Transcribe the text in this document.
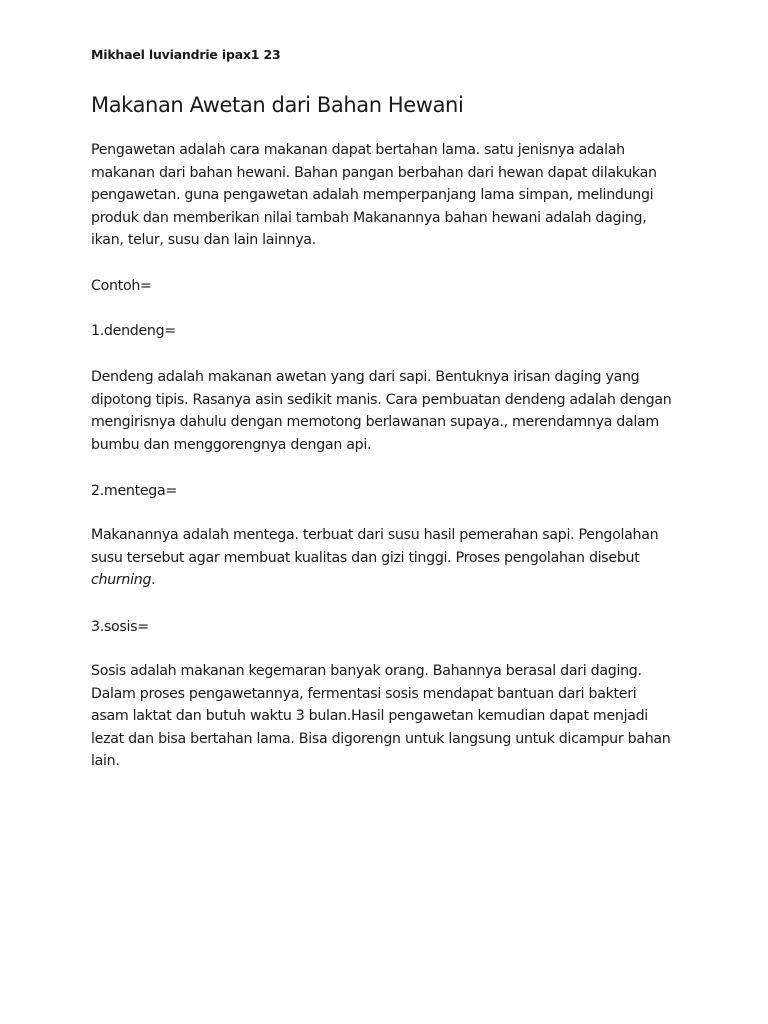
Mikhael luviandrie ipax1 23
Makanan Awetan dari Bahan Hewani

Pengawetan adalah cara makanan dapat bertahan lama. satu jenisnya adalah makanan dari bahan hewani. Bahan pangan berbahan dari hewan dapat dilakukan pengawetan. guna pengawetan adalah memperpanjang lama simpan, melindungi produk dan memberikan nilai tambah Makanannya bahan hewani adalah daging, ikan, telur, susu dan lain lainnya.

Contoh=

1.dendeng=

Dendeng adalah makanan awetan yang dari sapi. Bentuknya irisan daging yang dipotong tipis. Rasanya asin sedikit manis. Cara pembuatan dendeng adalah dengan mengirisnya dahulu dengan memotong berlawanan supaya., merendamnya dalam bumbu dan menggorengnya dengan api.

2.mentega=

Makanannya adalah mentega. terbuat dari susu hasil pemerahan sapi. Pengolahan susu tersebut agar membuat kualitas dan gizi tinggi. Proses pengolahan disebut churning.

3.sosis=

Sosis adalah makanan kegemaran banyak orang. Bahannya berasal dari daging. Dalam proses pengawetannya, fermentasi sosis mendapat bantuan dari bakteri asam laktat dan butuh waktu 3 bulan.Hasil pengawetan kemudian dapat menjadi lezat dan bisa bertahan lama. Bisa digorengn untuk langsung untuk dicampur bahan lain.
